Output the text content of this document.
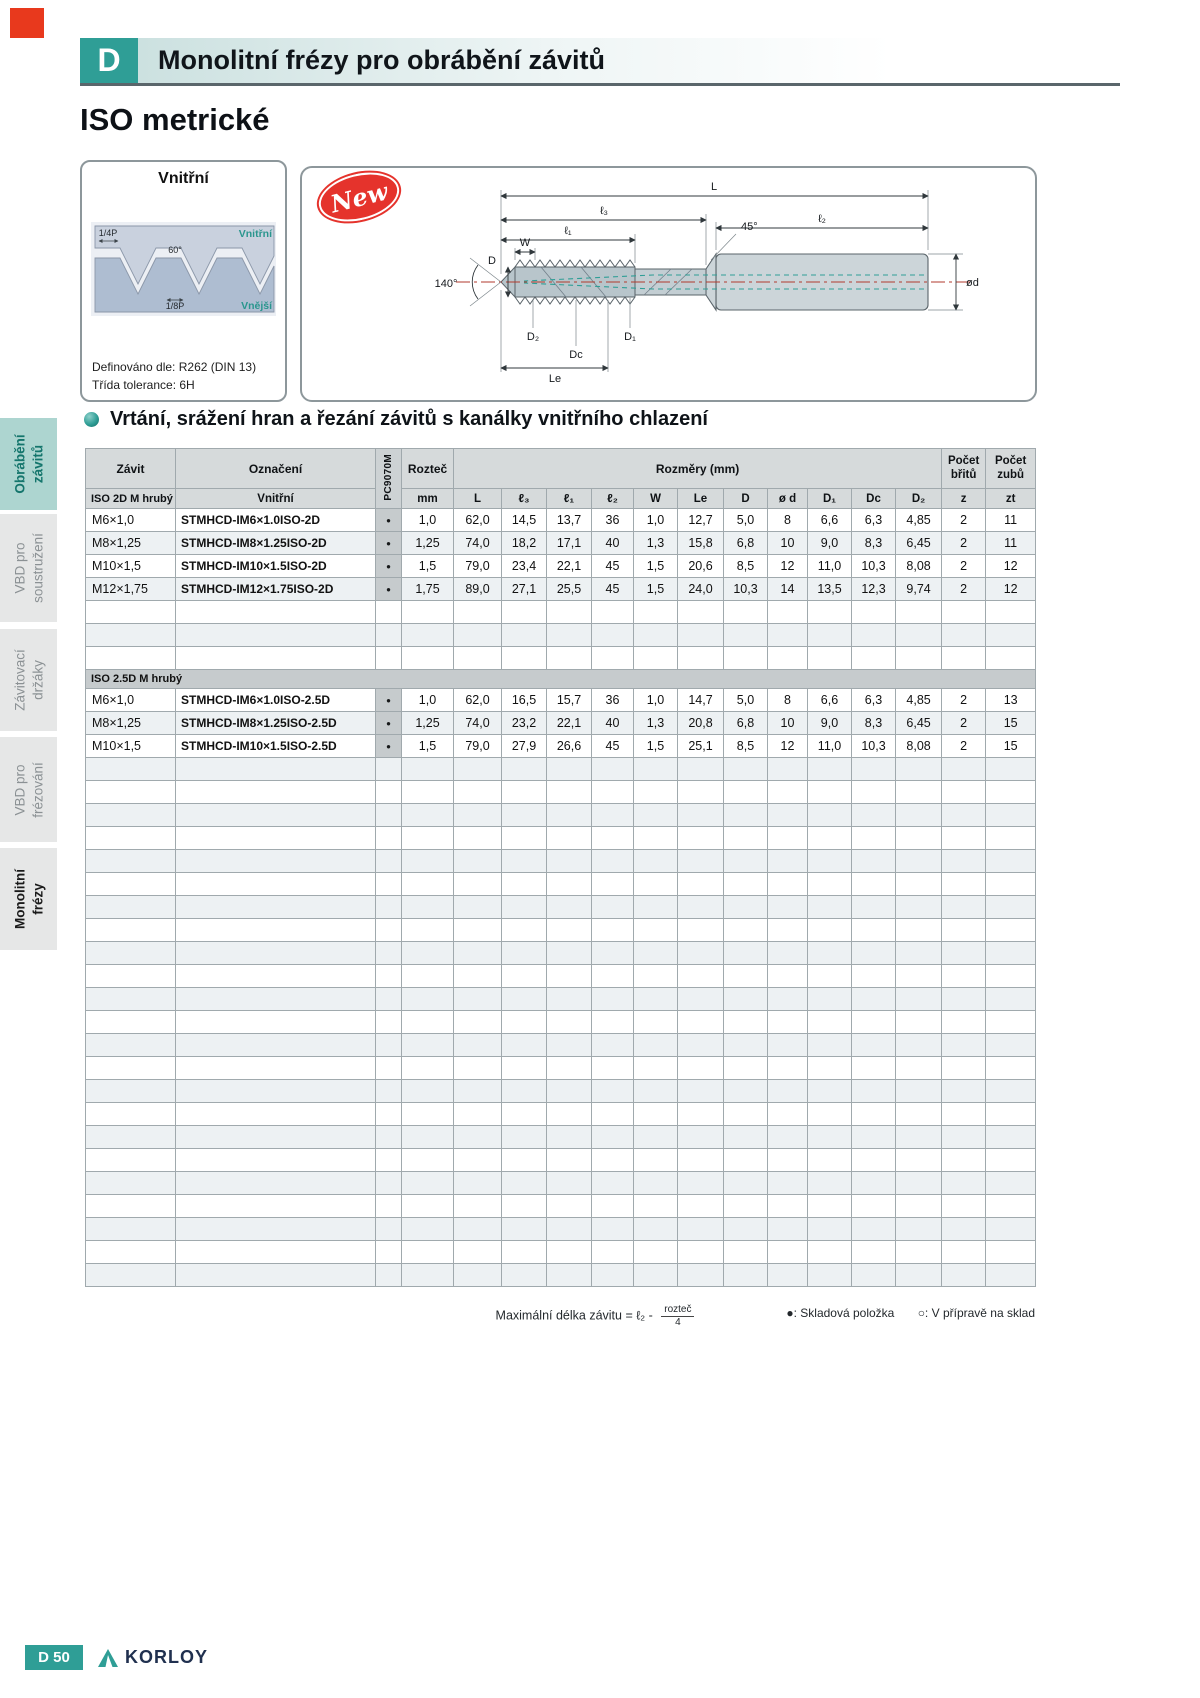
D Monolitní frézy pro obrábění závitů
ISO metrické
Vnitřní
1/4P
60°
Vnitřní
1/8P	Vnější
Definováno dle: R262 (DIN 13)
Třída tolerance: 6H
New	L
ℓ₃
ℓ₁
ℓ₂
W
45°
140°
D
D₂
Dc
D₁
Le
ød
Obrábění závitů
VBD pro soustružení
Závitovací držáky
VBD pro frézování
Monolitní frézy
Vrtání, srážení hran a řezání závitů s kanálky vnitřního chlazení
Závit	Označení	PC9070M	Rozteč	Rozměry (mm)											Počet břitů	Počet zubů
ISO 2D M hrubý	Vnitřní		mm	L	ℓ₃	ℓ₁	ℓ₂	W	Le	D	ø d	D₁	Dc	D₂	z	zt
M6×1,0	STMHCD-IM6×1.0ISO-2D	●	1,0	62,0	14,5	13,7	36	1,0	12,7	5,0	8	6,6	6,3	4,85	2	11
M8×1,25	STMHCD-IM8×1.25ISO-2D	●	1,25	74,0	18,2	17,1	40	1,3	15,8	6,8	10	9,0	8,3	6,45	2	11
M10×1,5	STMHCD-IM10×1.5ISO-2D	●	1,5	79,0	23,4	22,1	45	1,5	20,6	8,5	12	11,0	10,3	8,08	2	12
M12×1,75	STMHCD-IM12×1.75ISO-2D	●	1,75	89,0	27,1	25,5	45	1,5	24,0	10,3	14	13,5	12,3	9,74	2	12

ISO 2.5D M hrubý																
M6×1,0	STMHCD-IM6×1.0ISO-2.5D	●	1,0	62,0	16,5	15,7	36	1,0	14,7	5,0	8	6,6	6,3	4,85	2	13
M8×1,25	STMHCD-IM8×1.25ISO-2.5D	●	1,25	74,0	23,2	22,1	40	1,3	20,8	6,8	10	9,0	8,3	6,45	2	15
M10×1,5	STMHCD-IM10×1.5ISO-2.5D	●	1,5	79,0	27,9	26,6	45	1,5	25,1	8,5	12	11,0	10,3	8,08	2	15

Maximální délka závitu = ℓ₂ - $\frac{\text{rozteč}}{4}$	●: Skladová položka ○: V přípravě na sklad
D 50	KORLOY
